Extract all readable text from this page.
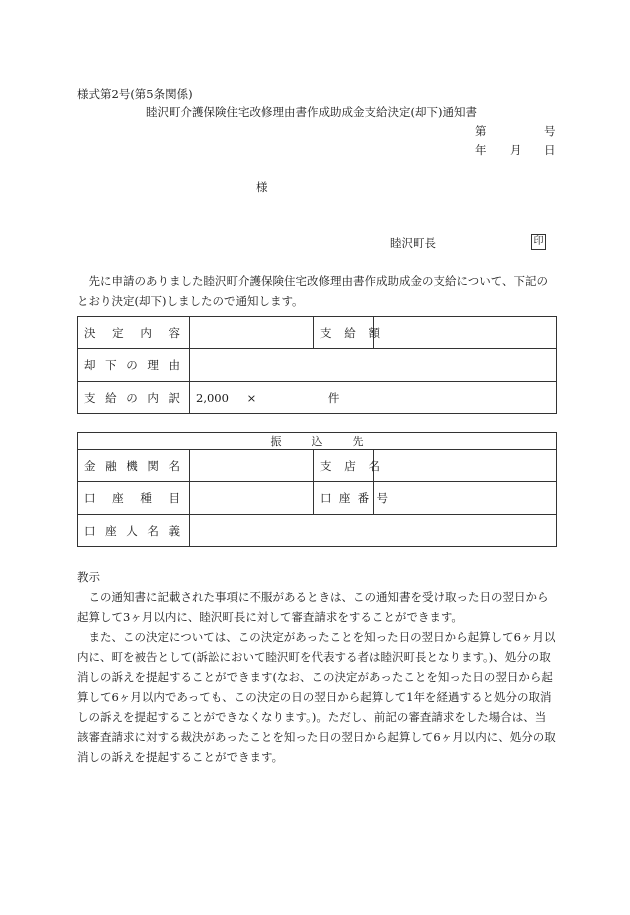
様式第2号(第5条関係)
睦沢町介護保険住宅改修理由書作成助成金支給決定(却下)通知書
第	号
年 月 日
様
睦沢町長	印

先に申請のありました睦沢町介護保険住宅改修理由書作成助成金の支給について、下記のとおり決定(却下)しましたので通知します。

決 定 内 容		支 給 額	

却 下 の 理 由			

支 給 の 内 訳	2,000 × 件		
振 込 先			

金 融 機 関 名		支 店 名	

口 座 種 目		口 座 番 号	

口 座 人 名 義			

教示

この通知書に記載された事項に不服があるときは、この通知書を受け取った日の翌日から起算して3ヶ月以内に、睦沢町長に対して審査請求をすることができます。

また、この決定については、この決定があったことを知った日の翌日から起算して6ヶ月以内に、町を被告として(訴訟において睦沢町を代表する者は睦沢町長となります。)、処分の取消しの訴えを提起することができます(なお、この決定があったことを知った日の翌日から起算して6ヶ月以内であっても、この決定の日の翌日から起算して1年を経過すると処分の取消しの訴えを提起することができなくなります。)。ただし、前記の審査請求をした場合は、当該審査請求に対する裁決があったことを知った日の翌日から起算して6ヶ月以内に、処分の取消しの訴えを提起することができます。
